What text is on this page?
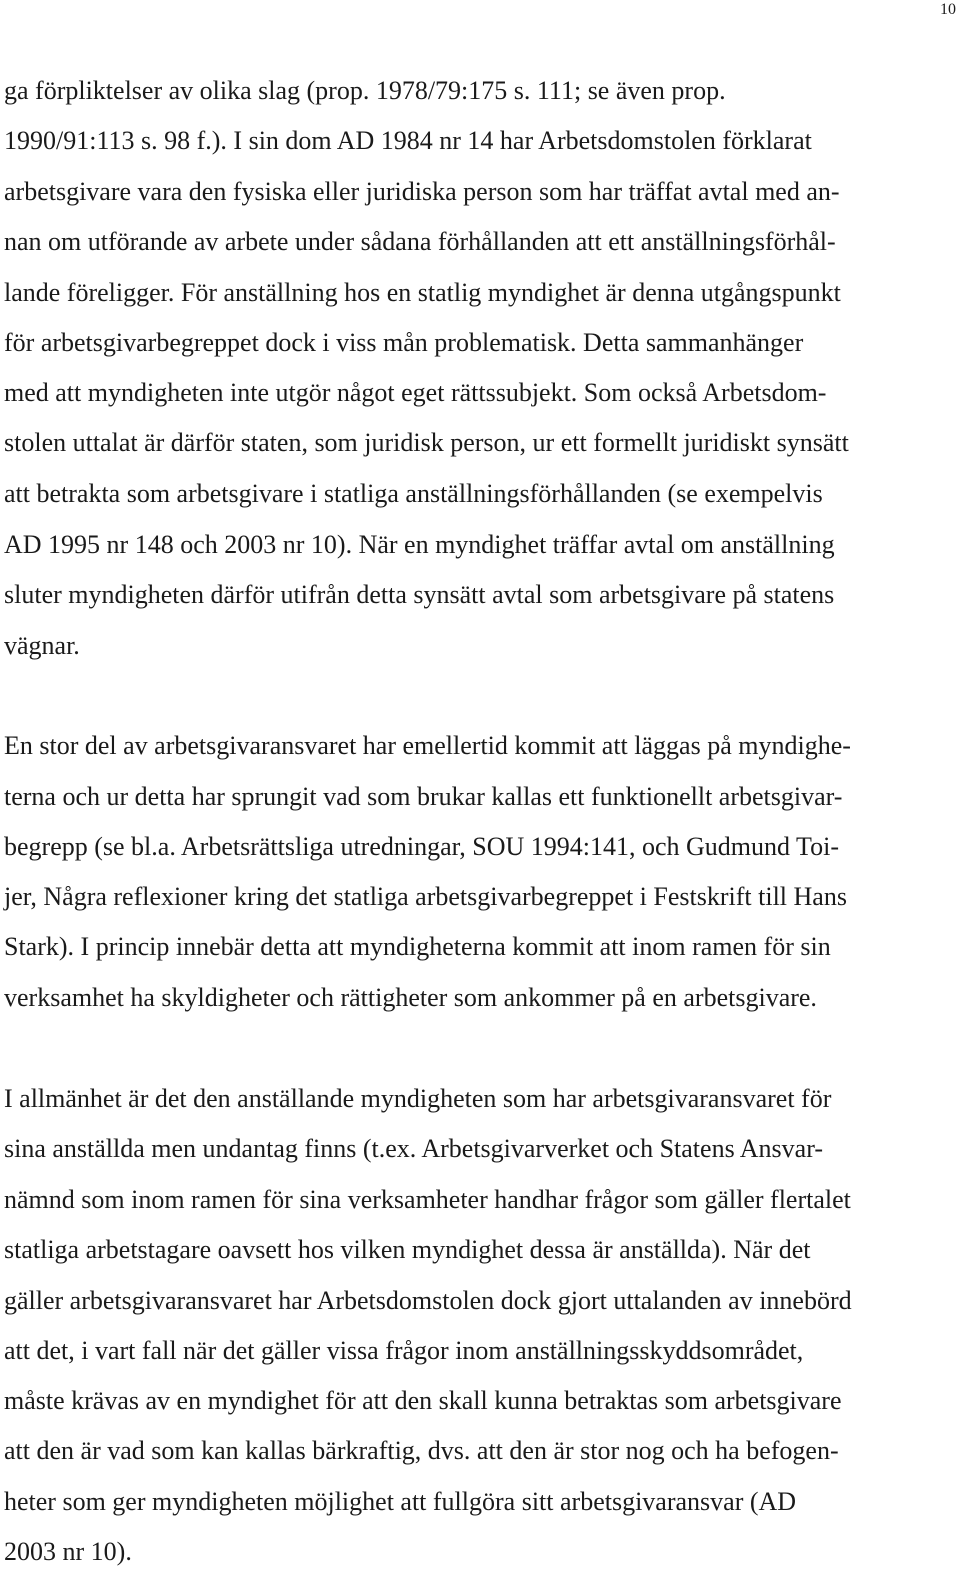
10
ga förpliktelser av olika slag (prop. 1978/79:175 s. 111; se även prop.
1990/91:113 s. 98 f.). I sin dom AD 1984 nr 14 har Arbetsdomstolen förklarat
arbetsgivare vara den fysiska eller juridiska person som har träffat avtal med an-
nan om utförande av arbete under sådana förhållanden att ett anställningsförhål-
lande föreligger. För anställning hos en statlig myndighet är denna utgångspunkt
för arbetsgivarbegreppet dock i viss mån problematisk. Detta sammanhänger
med att myndigheten inte utgör något eget rättssubjekt. Som också Arbetsdom-
stolen uttalat är därför staten, som juridisk person, ur ett formellt juridiskt synsätt
att betrakta som arbetsgivare i statliga anställningsförhållanden (se exempelvis
AD 1995 nr 148 och 2003 nr 10). När en myndighet träffar avtal om anställning
sluter myndigheten därför utifrån detta synsätt avtal som arbetsgivare på statens
vägnar.
En stor del av arbetsgivaransvaret har emellertid kommit att läggas på myndighe-
terna och ur detta har sprungit vad som brukar kallas ett funktionellt arbetsgivar-
begrepp (se bl.a. Arbetsrättsliga utredningar, SOU 1994:141, och Gudmund Toi-
jer, Några reflexioner kring det statliga arbetsgivarbegreppet i Festskrift till Hans
Stark). I princip innebär detta att myndigheterna kommit att inom ramen för sin
verksamhet ha skyldigheter och rättigheter som ankommer på en arbetsgivare.
I allmänhet är det den anställande myndigheten som har arbetsgivaransvaret för
sina anställda men undantag finns (t.ex. Arbetsgivarverket och Statens Ansvar-
nämnd som inom ramen för sina verksamheter handhar frågor som gäller flertalet
statliga arbetstagare oavsett hos vilken myndighet dessa är anställda). När det
gäller arbetsgivaransvaret har Arbetsdomstolen dock gjort uttalanden av innebörd
att det, i vart fall när det gäller vissa frågor inom anställningsskyddsområdet,
måste krävas av en myndighet för att den skall kunna betraktas som arbetsgivare
att den är vad som kan kallas bärkraftig, dvs. att den är stor nog och ha befogen-
heter som ger myndigheten möjlighet att fullgöra sitt arbetsgivaransvar (AD
2003 nr 10).
